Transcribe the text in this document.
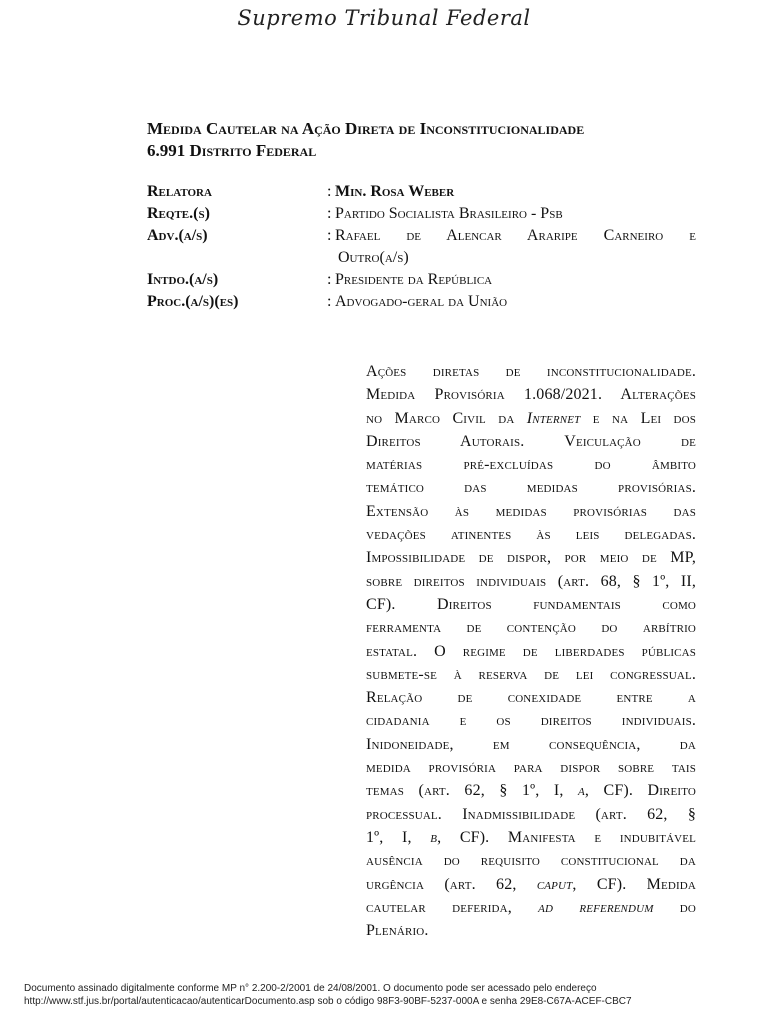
Supremo Tribunal Federal
Medida Cautelar na Ação Direta de Inconstitucionalidade
6.991 Distrito Federal
Relatora	: Min. Rosa Weber
Reqte.(s)	: Partido Socialista Brasileiro - Psb
Adv.(a/s)	: Rafael de Alencar Araripe Carneiro e
Outro(a/s)
Intdo.(a/s)	: Presidente da República
Proc.(a/s)(es)	: Advogado-geral da União
Ações diretas de inconstitucionalidade.
Medida Provisória 1.068/2021. Alterações
no Marco Civil da Internet e na Lei dos
Direitos Autorais. Veiculação de
matérias pré-excluídas do âmbito
temático das medidas provisórias.
Extensão às medidas provisórias das
vedações atinentes às leis delegadas.
Impossibilidade de dispor, por meio de MP,
sobre direitos individuais (art. 68, § 1º, II,
CF). Direitos fundamentais como
ferramenta de contenção do arbítrio
estatal. O regime de liberdades públicas
submete-se à reserva de lei congressual.
Relação de conexidade entre a
cidadania e os direitos individuais.
Inidoneidade, em consequência, da
medida provisória para dispor sobre tais
temas (art. 62, § 1º, I, a, CF). Direito
processual. Inadmissibilidade (art. 62, §
1º, I, b, CF). Manifesta e indubitável
ausência do requisito constitucional da
urgência (art. 62, caput, CF). Medida
cautelar deferida, ad referendum do
Plenário.
Documento assinado digitalmente conforme MP n° 2.200-2/2001 de 24/08/2001. O documento pode ser acessado pelo endereço
http://www.stf.jus.br/portal/autenticacao/autenticarDocumento.asp sob o código 98F3-90BF-5237-000A e senha 29E8-C67A-ACEF-CBC7
